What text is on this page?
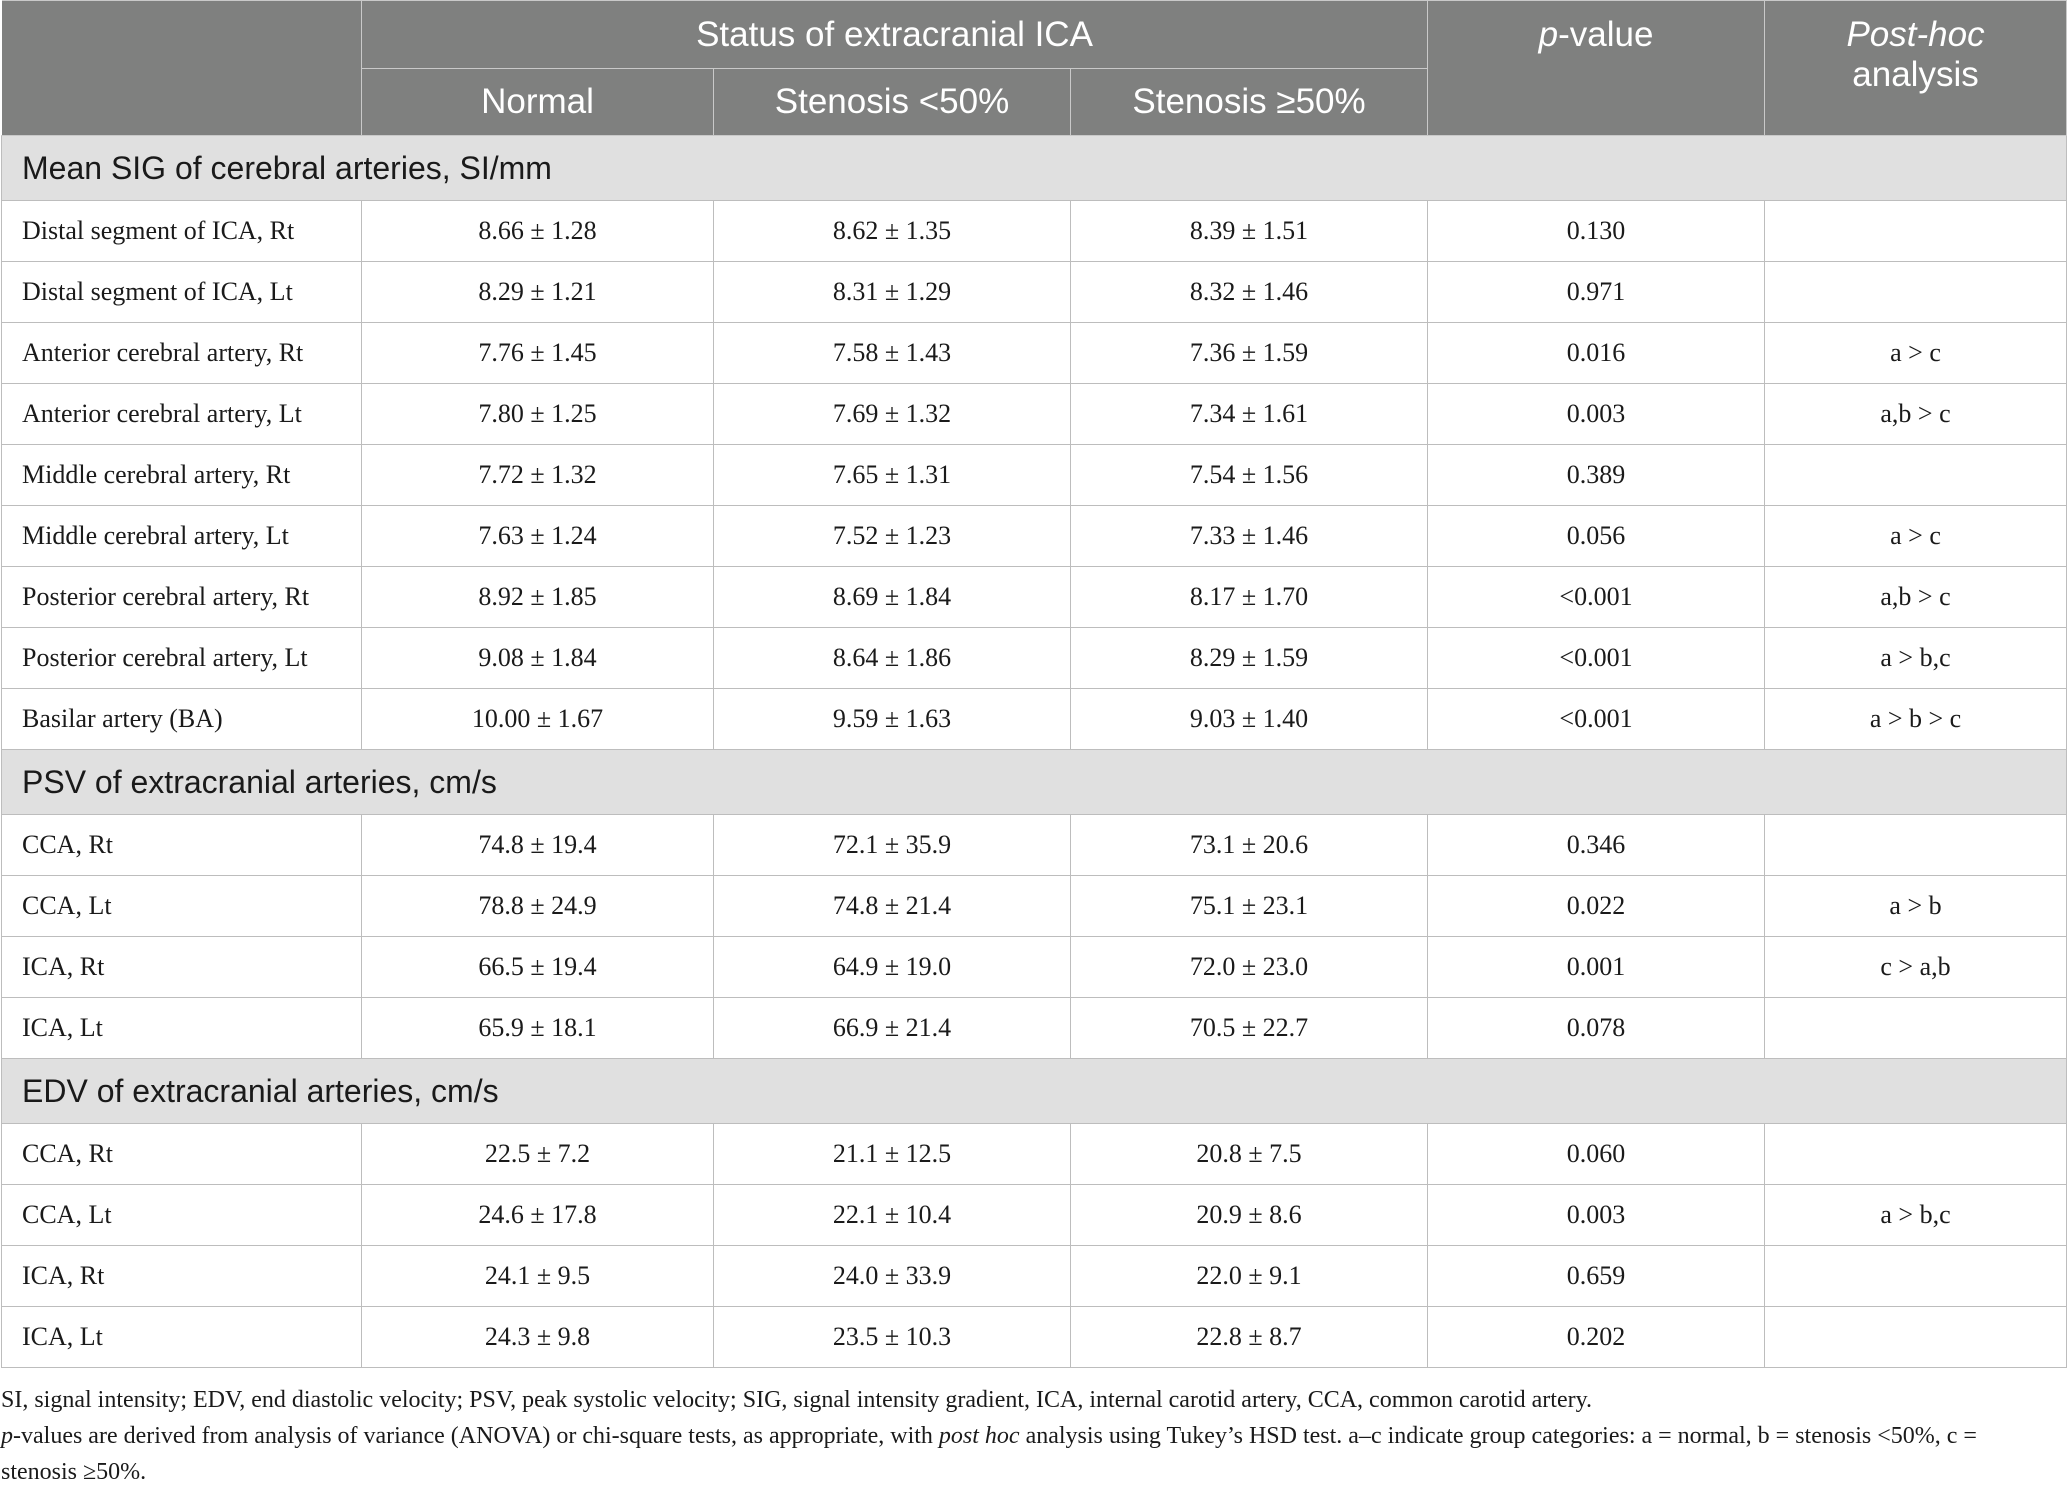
	Status of extracranial ICA			p-value	Post-hoc
analysis
	Normal	Stenosis <50%	Stenosis ≥50%		
Mean SIG of cerebral arteries, SI/mm					
Distal segment of ICA, Rt	8.66 ± 1.28	8.62 ± 1.35	8.39 ± 1.51	0.130	
Distal segment of ICA, Lt	8.29 ± 1.21	8.31 ± 1.29	8.32 ± 1.46	0.971	
Anterior cerebral artery, Rt	7.76 ± 1.45	7.58 ± 1.43	7.36 ± 1.59	0.016	a > c
Anterior cerebral artery, Lt	7.80 ± 1.25	7.69 ± 1.32	7.34 ± 1.61	0.003	a,b > c
Middle cerebral artery, Rt	7.72 ± 1.32	7.65 ± 1.31	7.54 ± 1.56	0.389	
Middle cerebral artery, Lt	7.63 ± 1.24	7.52 ± 1.23	7.33 ± 1.46	0.056	a > c
Posterior cerebral artery, Rt	8.92 ± 1.85	8.69 ± 1.84	8.17 ± 1.70	<0.001	a,b > c
Posterior cerebral artery, Lt	9.08 ± 1.84	8.64 ± 1.86	8.29 ± 1.59	<0.001	a > b,c
Basilar artery (BA)	10.00 ± 1.67	9.59 ± 1.63	9.03 ± 1.40	<0.001	a > b > c
PSV of extracranial arteries, cm/s					
CCA, Rt	74.8 ± 19.4	72.1 ± 35.9	73.1 ± 20.6	0.346	
CCA, Lt	78.8 ± 24.9	74.8 ± 21.4	75.1 ± 23.1	0.022	a > b
ICA, Rt	66.5 ± 19.4	64.9 ± 19.0	72.0 ± 23.0	0.001	c > a,b
ICA, Lt	65.9 ± 18.1	66.9 ± 21.4	70.5 ± 22.7	0.078	
EDV of extracranial arteries, cm/s					
CCA, Rt	22.5 ± 7.2	21.1 ± 12.5	20.8 ± 7.5	0.060	
CCA, Lt	24.6 ± 17.8	22.1 ± 10.4	20.9 ± 8.6	0.003	a > b,c
ICA, Rt	24.1 ± 9.5	24.0 ± 33.9	22.0 ± 9.1	0.659	
ICA, Lt	24.3 ± 9.8	23.5 ± 10.3	22.8 ± 8.7	0.202	

SI, signal intensity; EDV, end diastolic velocity; PSV, peak systolic velocity; SIG, signal intensity gradient, ICA, internal carotid artery, CCA, common carotid artery.

p-values are derived from analysis of variance (ANOVA) or chi-square tests, as appropriate, with post hoc analysis using Tukey’s HSD test. a–c indicate group categories: a = normal, b = stenosis <50%, c = stenosis ≥50%.
